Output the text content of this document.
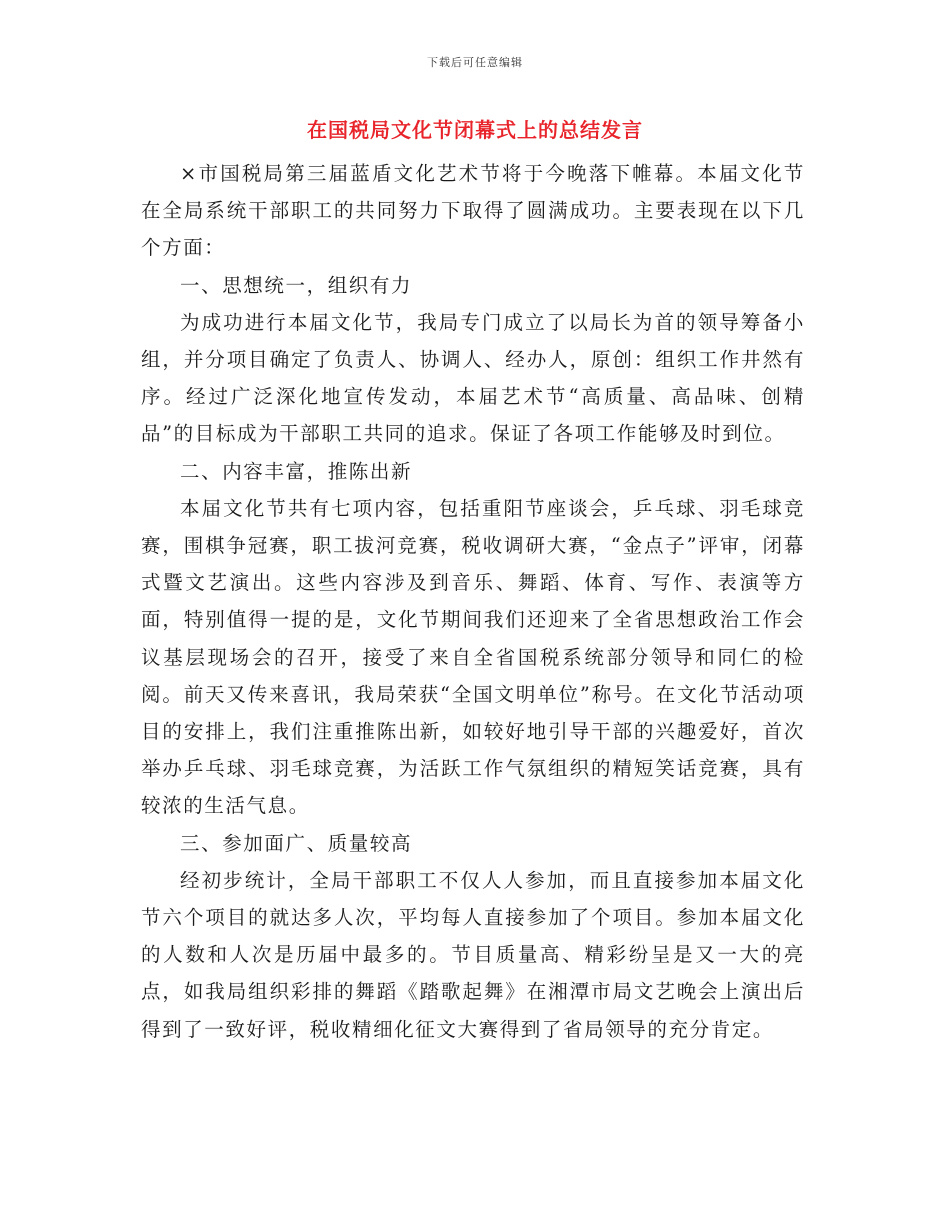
下载后可任意编辑
在国税局文化节闭幕式上的总结发言

×市国税局第三届蓝盾文化艺术节将于今晚落下帷幕。本届文化节在全局系统干部职工的共同努力下取得了圆满成功。主要表现在以下几个方面：

一、思想统一，组织有力

为成功进行本届文化节，我局专门成立了以局长为首的领导筹备小组，并分项目确定了负责人、协调人、经办人，原创：组织工作井然有序。经过广泛深化地宣传发动，本届艺术节“高质量、高品味、创精品”的目标成为干部职工共同的追求。保证了各项工作能够及时到位。

二、内容丰富，推陈出新

本届文化节共有七项内容，包括重阳节座谈会，乒乓球、羽毛球竞赛，围棋争冠赛，职工拔河竞赛，税收调研大赛，“金点子”评审，闭幕式暨文艺演出。这些内容涉及到音乐、舞蹈、体育、写作、表演等方面，特别值得一提的是，文化节期间我们还迎来了全省思想政治工作会议基层现场会的召开，接受了来自全省国税系统部分领导和同仁的检阅。前天又传来喜讯，我局荣获“全国文明单位”称号。在文化节活动项目的安排上，我们注重推陈出新，如较好地引导干部的兴趣爱好，首次举办乒乓球、羽毛球竞赛，为活跃工作气氛组织的精短笑话竞赛，具有较浓的生活气息。

三、参加面广、质量较高

经初步统计，全局干部职工不仅人人参加，而且直接参加本届文化节六个项目的就达多人次，平均每人直接参加了个项目。参加本届文化的人数和人次是历届中最多的。节目质量高、精彩纷呈是又一大的亮点，如我局组织彩排的舞蹈《踏歌起舞》在湘潭市局文艺晚会上演出后得到了一致好评，税收精细化征文大赛得到了省局领导的充分肯定。
